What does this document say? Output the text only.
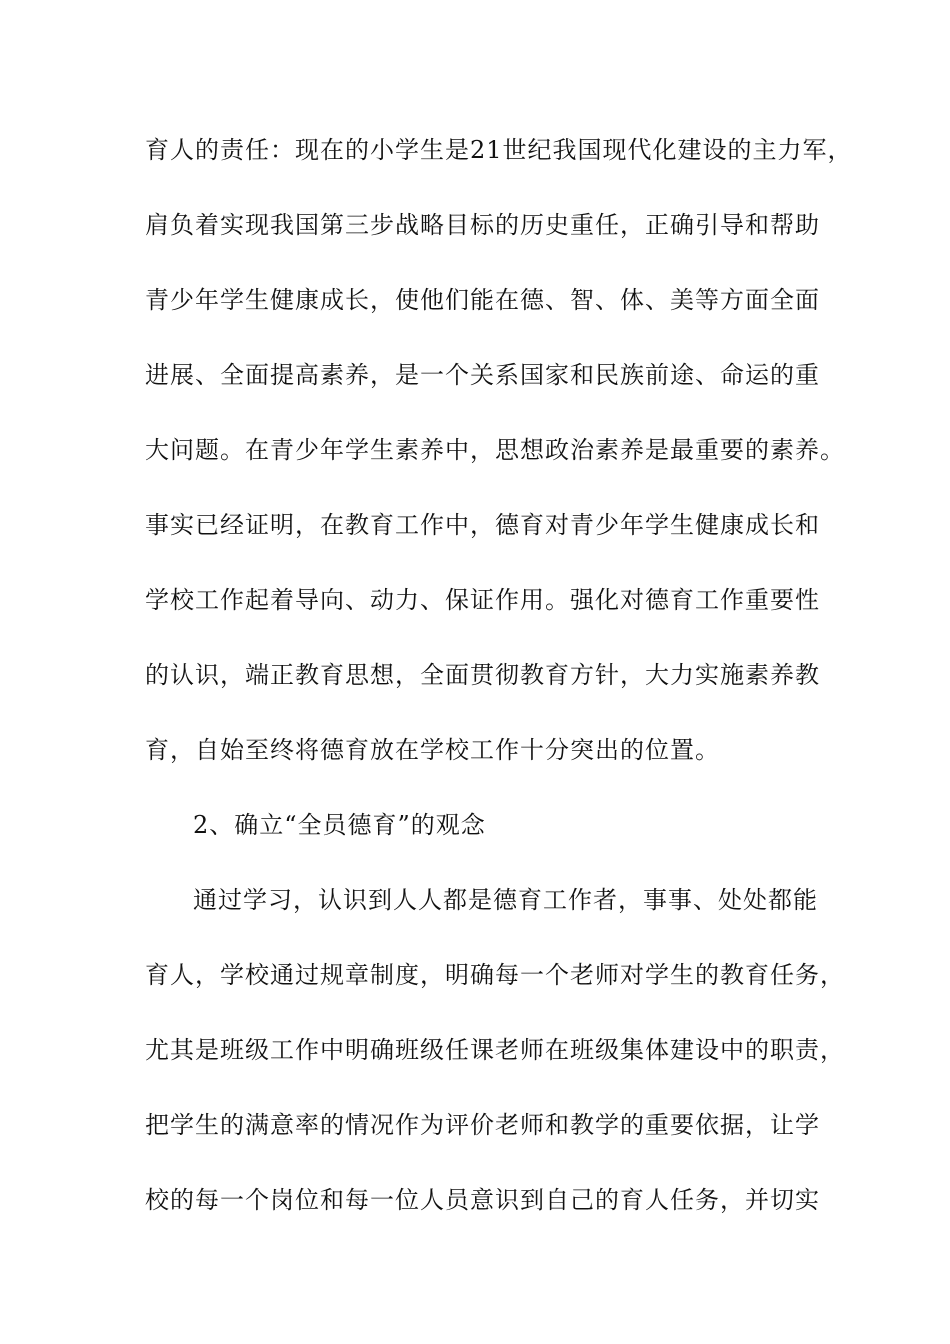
育人的责任：现在的小学生是21世纪我国现代化建设的主力军，
肩负着实现我国第三步战略目标的历史重任，正确引导和帮助
青少年学生健康成长，使他们能在德、智、体、美等方面全面
进展、全面提高素养，是一个关系国家和民族前途、命运的重
大问题。在青少年学生素养中，思想政治素养是最重要的素养。
事实已经证明，在教育工作中，德育对青少年学生健康成长和
学校工作起着导向、动力、保证作用。强化对德育工作重要性
的认识，端正教育思想，全面贯彻教育方针，大力实施素养教
育，自始至终将德育放在学校工作十分突出的位置。
2、确立“全员德育”的观念
通过学习，认识到人人都是德育工作者，事事、处处都能
育人，学校通过规章制度，明确每一个老师对学生的教育任务，
尤其是班级工作中明确班级任课老师在班级集体建设中的职责，
把学生的满意率的情况作为评价老师和教学的重要依据，让学
校的每一个岗位和每一位人员意识到自己的育人任务，并切实
